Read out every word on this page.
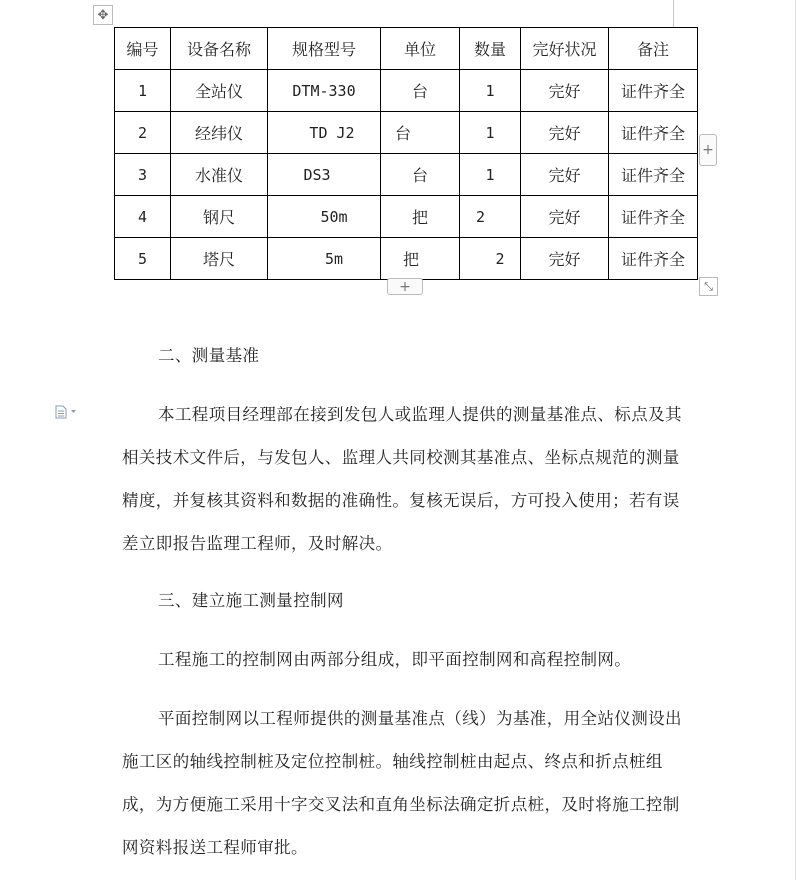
✥
编号	设备名称	规格型号	单位	数量	完好状况	备注
1	全站仪	DTM-330	台	1	完好	证件齐全
2	经纬仪	TD J2	台	1	完好	证件齐全
3	水准仪	DS3	台	1	完好	证件齐全
4	钢尺	50m	把	2	完好	证件齐全
5	塔尺	5m	把	2	完好	证件齐全
+
+	⤡

二、测量基准

本工程项目经理部在接到发包人或监理人提供的测量基准点、标点及其相关技术文件后，与发包人、监理人共同校测其基准点、坐标点规范的测量精度，并复核其资料和数据的准确性。复核无误后，方可投入使用；若有误差立即报告监理工程师，及时解决。

三、建立施工测量控制网

工程施工的控制网由两部分组成，即平面控制网和高程控制网。

平面控制网以工程师提供的测量基准点（线）为基准，用全站仪测设出施工区的轴线控制桩及定位控制桩。轴线控制桩由起点、终点和折点桩组成，为方便施工采用十字交叉法和直角坐标法确定折点桩，及时将施工控制网资料报送工程师审批。
